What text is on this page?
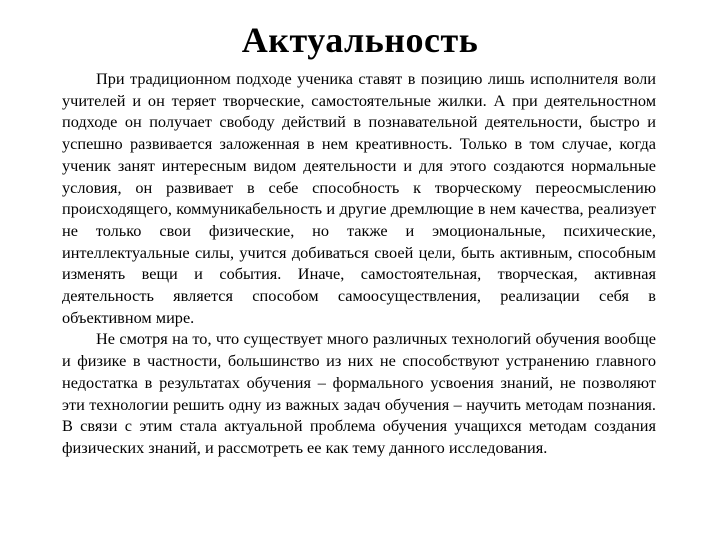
Актуальность

При традиционном подходе ученика ставят в позицию лишь исполнителя воли учителей и он теряет творческие, самостоятельные жилки. А при деятельностном подходе он получает свободу действий в познавательной деятельности, быстро и успешно развивается заложенная в нем креативность. Только в том случае, когда ученик занят интересным видом деятельности и для этого создаются нормальные условия, он развивает в себе способность к творческому переосмыслению происходящего, коммуникабельность и другие дремлющие в нем качества, реализует не только свои физические, но также и эмоциональные, психические, интеллектуальные силы, учится добиваться своей цели, быть активным, способным изменять вещи и события. Иначе, самостоятельная, творческая, активная деятельность является способом самоосуществления, реализации себя в объективном мире.

Не смотря на то, что существует много различных технологий обучения вообще и физике в частности, большинство из них не способствуют устранению главного недостатка в результатах обучения – формального усвоения знаний, не позволяют эти технологии решить одну из важных задач обучения – научить методам познания. В связи с этим стала актуальной проблема обучения учащихся методам создания физических знаний, и рассмотреть ее как тему данного исследования.
